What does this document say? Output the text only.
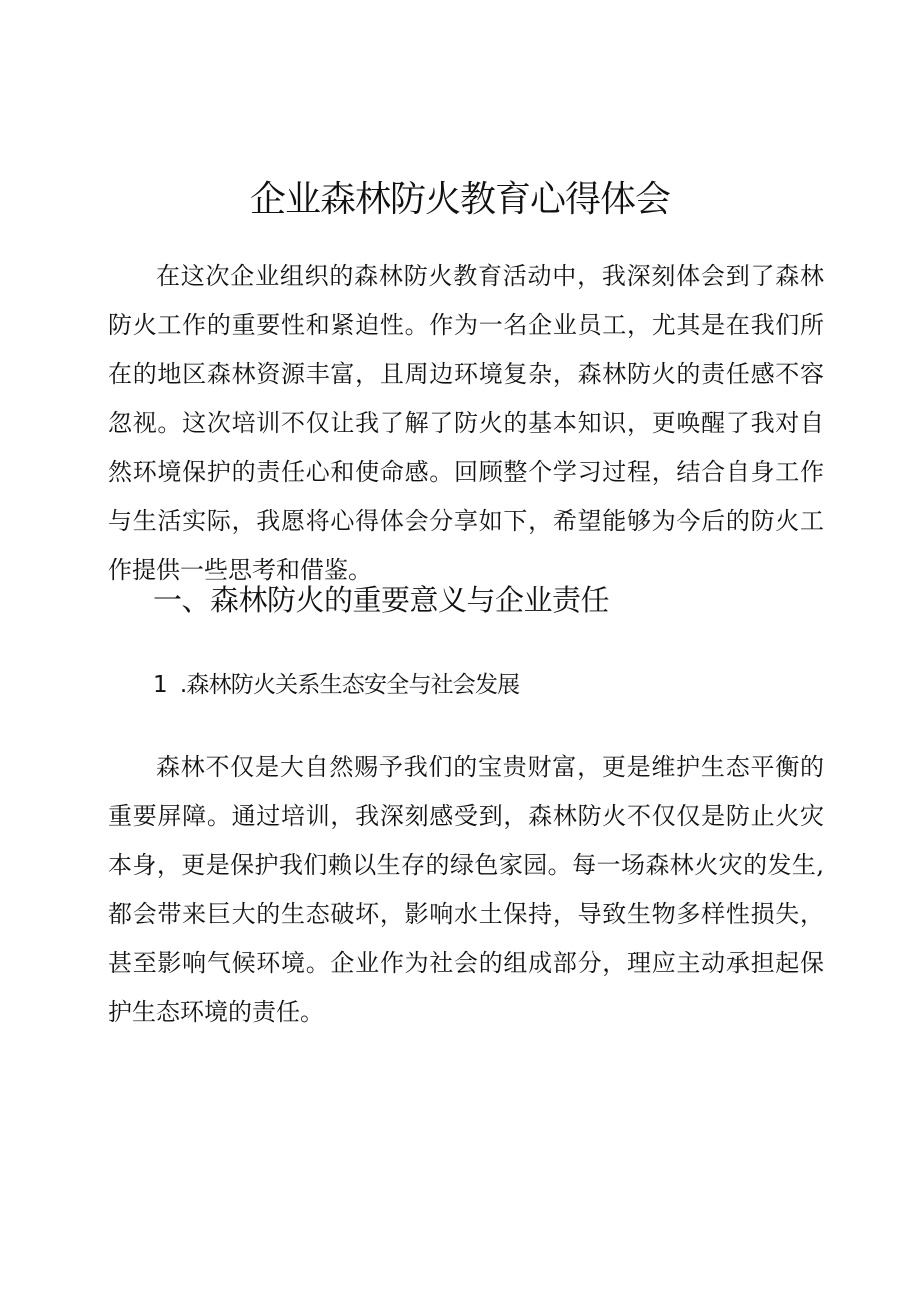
企业森林防火教育心得体会

在这次企业组织的森林防火教育活动中，我深刻体会到了森林防火工作的重要性和紧迫性。作为一名企业员工，尤其是在我们所在的地区森林资源丰富，且周边环境复杂，森林防火的责任感不容忽视。这次培训不仅让我了解了防火的基本知识，更唤醒了我对自然环境保护的责任心和使命感。回顾整个学习过程，结合自身工作与生活实际，我愿将心得体会分享如下，希望能够为今后的防火工作提供一些思考和借鉴。

一、森林防火的重要意义与企业责任
1  .森林防火关系生态安全与社会发展

森林不仅是大自然赐予我们的宝贵财富，更是维护生态平衡的重要屏障。通过培训，我深刻感受到，森林防火不仅仅是防止火灾本身，更是保护我们赖以生存的绿色家园。每一场森林火灾的发生,都会带来巨大的生态破坏，影响水土保持，导致生物多样性损失，甚至影响气候环境。企业作为社会的组成部分，理应主动承担起保护生态环境的责任。
